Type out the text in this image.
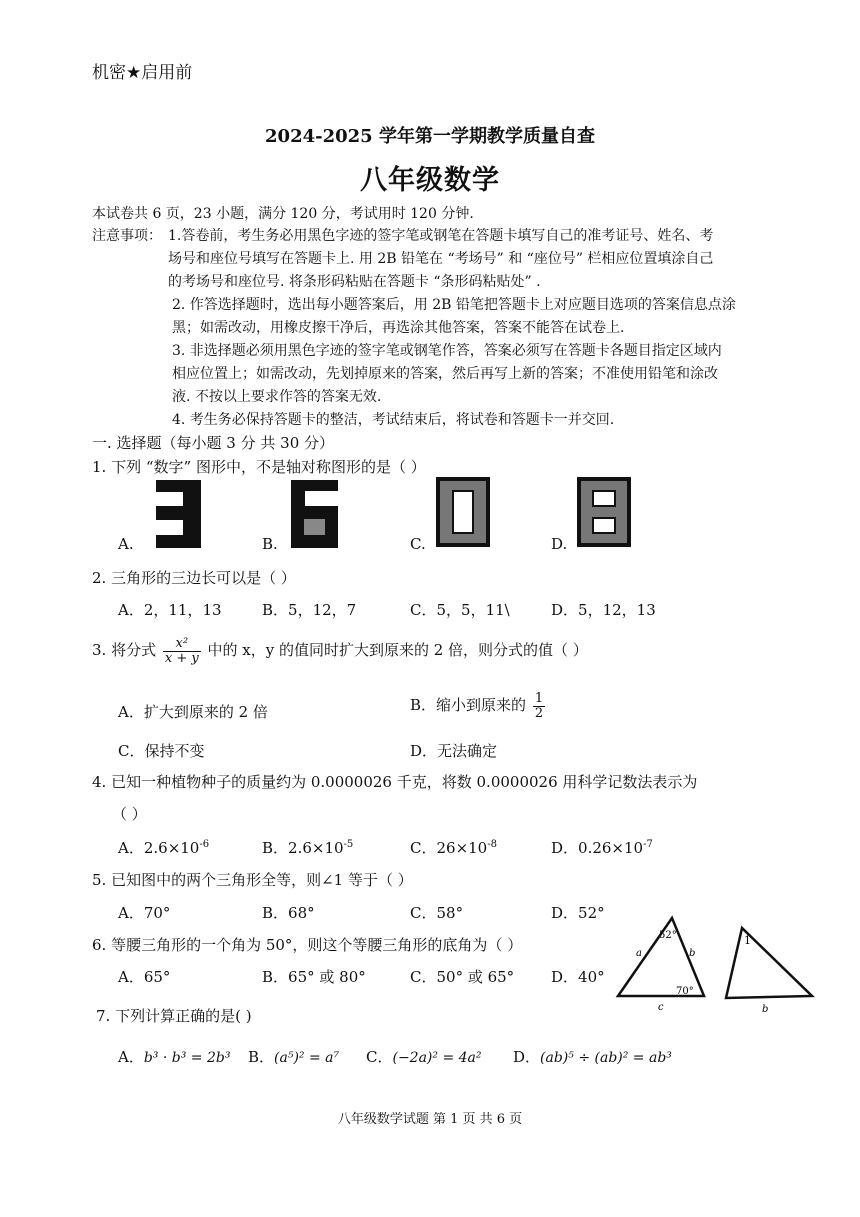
机密★启用前
2024-2025 学年第一学期教学质量自查
八年级数学
本试卷共 6 页，23 小题，满分 120 分，考试用时 120 分钟.
注意事项： 1.答卷前，考生务必用黑色字迹的签字笔或钢笔在答题卡填写自己的准考证号、姓名、考
场号和座位号填写在答题卡上. 用 2B 铅笔在 “考场号” 和 “座位号” 栏相应位置填涂自己
的考场号和座位号. 将条形码粘贴在答题卡 “条形码粘贴处” .
2. 作答选择题时，选出每小题答案后，用 2B 铅笔把答题卡上对应题目选项的答案信息点涂
黑；如需改动，用橡皮擦干净后，再选涂其他答案，答案不能答在试卷上.
3. 非选择题必须用黑色字迹的签字笔或钢笔作答，答案必须写在答题卡各题目指定区域内
相应位置上；如需改动，先划掉原来的答案，然后再写上新的答案；不准使用铅笔和涂改
液. 不按以上要求作答的答案无效.
4. 考生务必保持答题卡的整洁，考试结束后，将试卷和答题卡一并交回.
一. 选择题（每小题 3 分 共 30 分）
1. 下列 “数字” 图形中，不是轴对称图形的是（ ）
A.	B.	C.	D.
2. 三角形的三边长可以是（ ）
A．2，11，13	B．5，12，7	C．5，5，11\	D．5，12，13
3. 将分式 $\frac{\text{x²}}{x + y}$ 中的 x，y 的值同时扩大到原来的 2 倍，则分式的值（ ）
A．扩大到原来的 2 倍	B．缩小到原来的 $\frac{1}{2}$
C．保持不变	D．无法确定
4. 已知一种植物种子的质量约为 0.0000026 千克，将数 0.0000026 用科学记数法表示为
（ ）
A．$2.6\times 10^{-6}$	B．$2.6\times 10^{-5}$	C．$26\times 10^{-8}$	D．$0.26\times 10^{-7}$
5. 已知图中的两个三角形全等，则∠1 等于（ ）
A．70°	B．68°	C．58°	D．52°
6. 等腰三角形的一个角为 50°，则这个等腰三角形的底角为（ ）
A．65°	B．65° 或 80°	C．50° 或 65° D．40°
52°
70°
a	b
c
1
b
7. 下列计算正确的是( )
A．b³ · b³ = 2b³ B．(a⁵)² = a⁷ C．(−2a)² = 4a² D．(ab)⁵ ÷ (ab)² = ab³
八年级数学试题 第 1 页 共 6 页
